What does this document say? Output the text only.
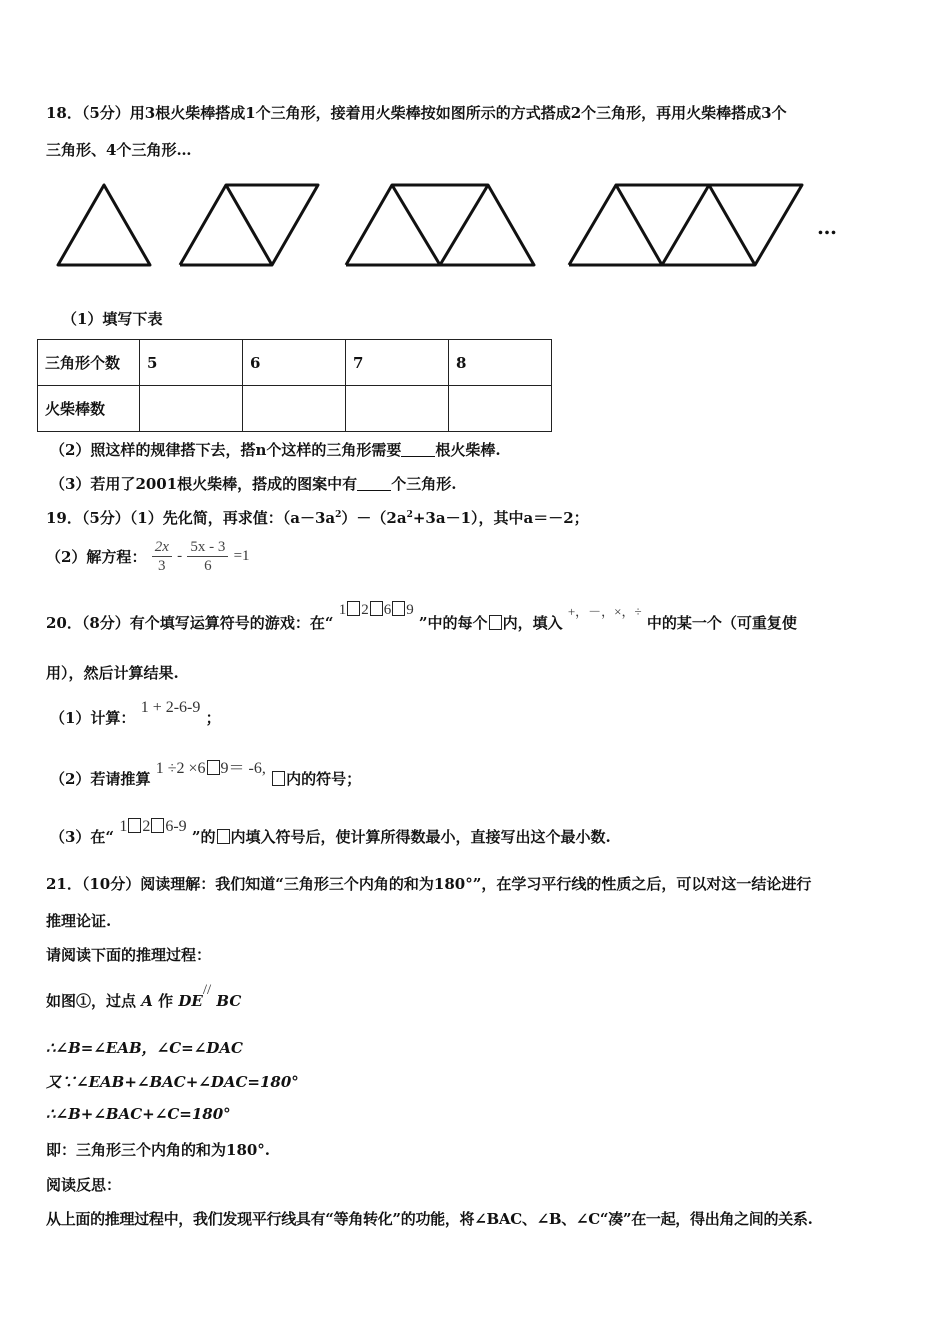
18．（5分）用3根火柴棒搭成1个三角形，接着用火柴棒按如图所示的方式搭成2个三角形，再用火柴棒搭成3个
三角形、4个三角形…
…
（1）填写下表
三角形个数	5	6	7	8
火柴棒数				
（2）照这样的规律搭下去，搭n个这样的三角形需要 根火柴棒.
（3）若用了2001根火柴棒，搭成的图案中有 个三角形.
19．（5分）（1）先化简，再求值：$(a-3a^2)-(2a^2+3a-1)$，其中a＝－2；
（2）解方程： $\frac{2x}{3} - \frac{5x - 3}{6} =1$
20．（8分）有个填写运算符号的游戏：在“ 1 2 6 9 ”中的每个 内，填入 +，－，×，÷ 中的某一个（可重复使
用），然后计算结果.
（1）计算： 1 + 2-6-9 ；
（2）若请推算 1 ÷2 ×6 9＝ -6, 内的符号；
（3）在“ 1 2 6-9 ”的 内填入符号后，使计算所得数最小，直接写出这个最小数.
21．（10分）阅读理解：我们知道“三角形三个内角的和为180°”，在学习平行线的性质之后，可以对这一结论进行
推理论证.
请阅读下面的推理过程：
如图①，过点 A 作 DE// BC
∴∠B=∠EAB，∠C=∠DAC
又∵∠EAB+∠BAC+∠DAC=180°
∴∠B+∠BAC+∠C=180°
即：三角形三个内角的和为180°.
阅读反思：
从上面的推理过程中，我们发现平行线具有“等角转化”的功能，将∠BAC、∠B、∠C“凑”在一起，得出角之间的关系.
